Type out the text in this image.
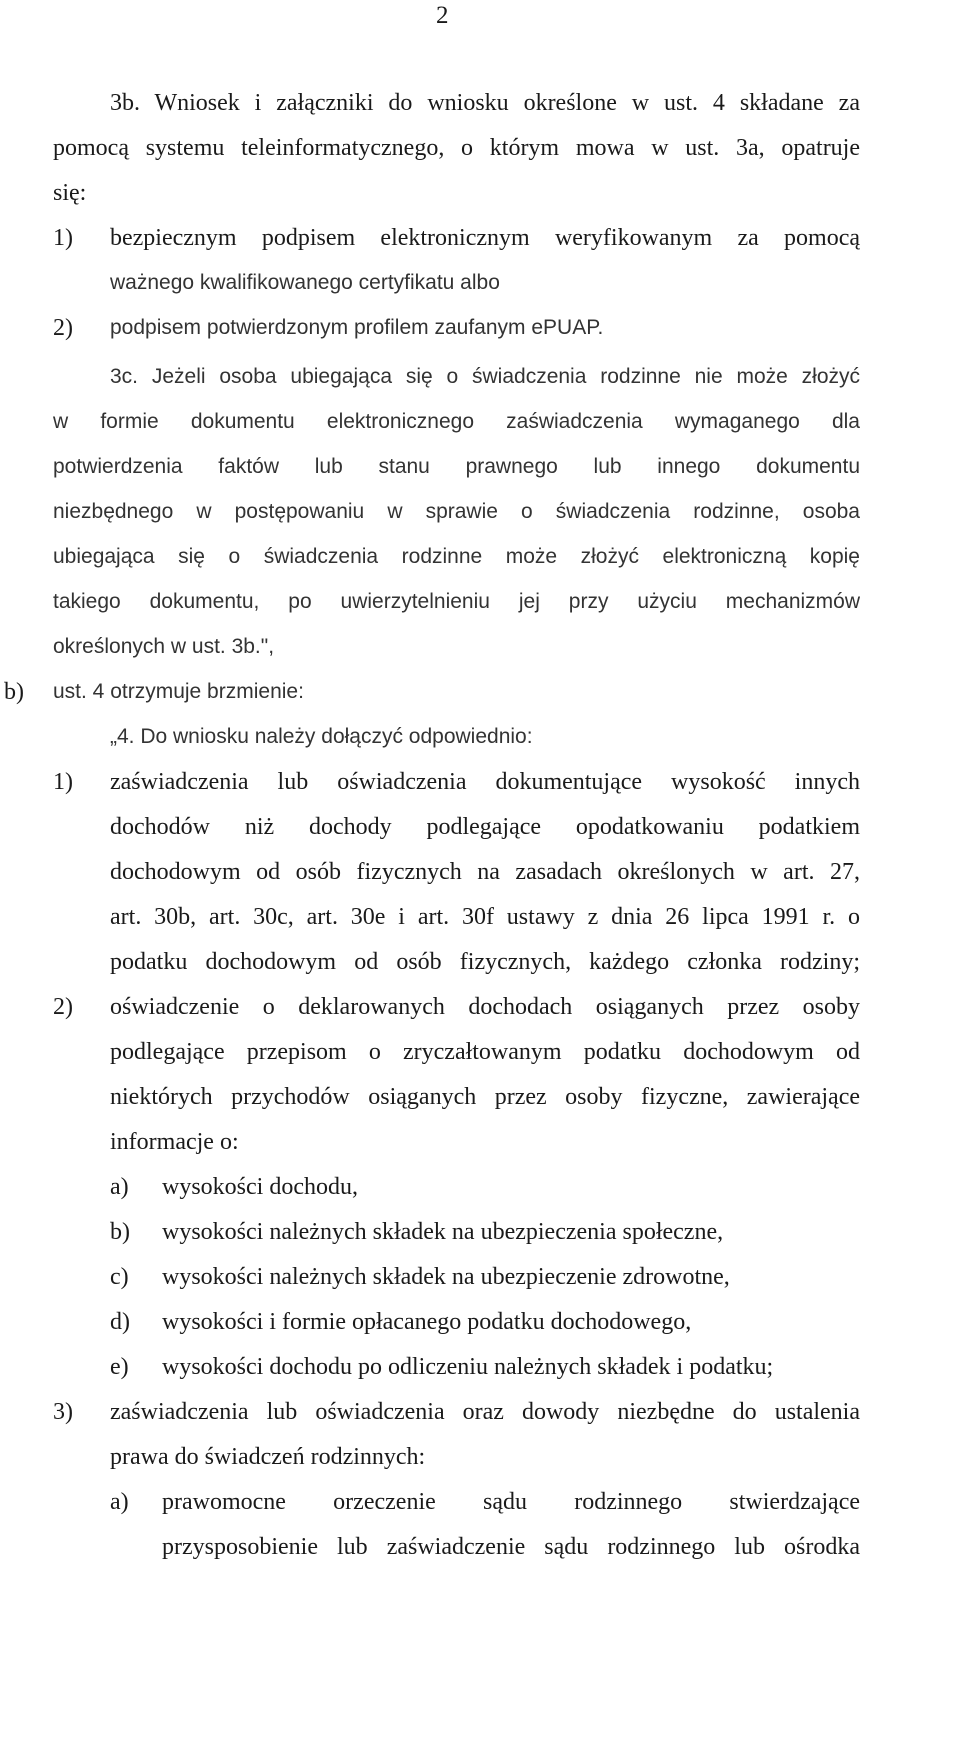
2
3b. Wniosek i załączniki do wniosku określone w ust. 4 składane za
pomocą systemu teleinformatycznego, o którym mowa w ust. 3a, opatruje
się:
1) bezpiecznym podpisem elektronicznym weryfikowanym za pomocą
ważnego kwalifikowanego certyfikatu albo
2) podpisem potwierdzonym profilem zaufanym ePUAP.
3c. Jeżeli osoba ubiegająca się o świadczenia rodzinne nie może złożyć
w formie dokumentu elektronicznego zaświadczenia wymaganego dla
potwierdzenia faktów lub stanu prawnego lub innego dokumentu
niezbędnego w postępowaniu w sprawie o świadczenia rodzinne, osoba
ubiegająca się o świadczenia rodzinne może złożyć elektroniczną kopię
takiego dokumentu, po uwierzytelnieniu jej przy użyciu mechanizmów
określonych w ust. 3b.",
b) ust. 4 otrzymuje brzmienie:
„4. Do wniosku należy dołączyć odpowiednio:
1) zaświadczenia lub oświadczenia dokumentujące wysokość innych
dochodów niż dochody podlegające opodatkowaniu podatkiem
dochodowym od osób fizycznych na zasadach określonych w art. 27,
art. 30b, art. 30c, art. 30e i art. 30f ustawy z dnia 26 lipca 1991 r. o
podatku dochodowym od osób fizycznych, każdego członka rodziny;
2) oświadczenie o deklarowanych dochodach osiąganych przez osoby
podlegające przepisom o zryczałtowanym podatku dochodowym od
niektórych przychodów osiąganych przez osoby fizyczne, zawierające
informacje o:
a) wysokości dochodu,
b) wysokości należnych składek na ubezpieczenia społeczne,
c) wysokości należnych składek na ubezpieczenie zdrowotne,
d) wysokości i formie opłacanego podatku dochodowego,
e) wysokości dochodu po odliczeniu należnych składek i podatku;
3) zaświadczenia lub oświadczenia oraz dowody niezbędne do ustalenia
prawa do świadczeń rodzinnych:
a) prawomocne orzeczenie sądu rodzinnego stwierdzające
przysposobienie lub zaświadczenie sądu rodzinnego lub ośrodka
